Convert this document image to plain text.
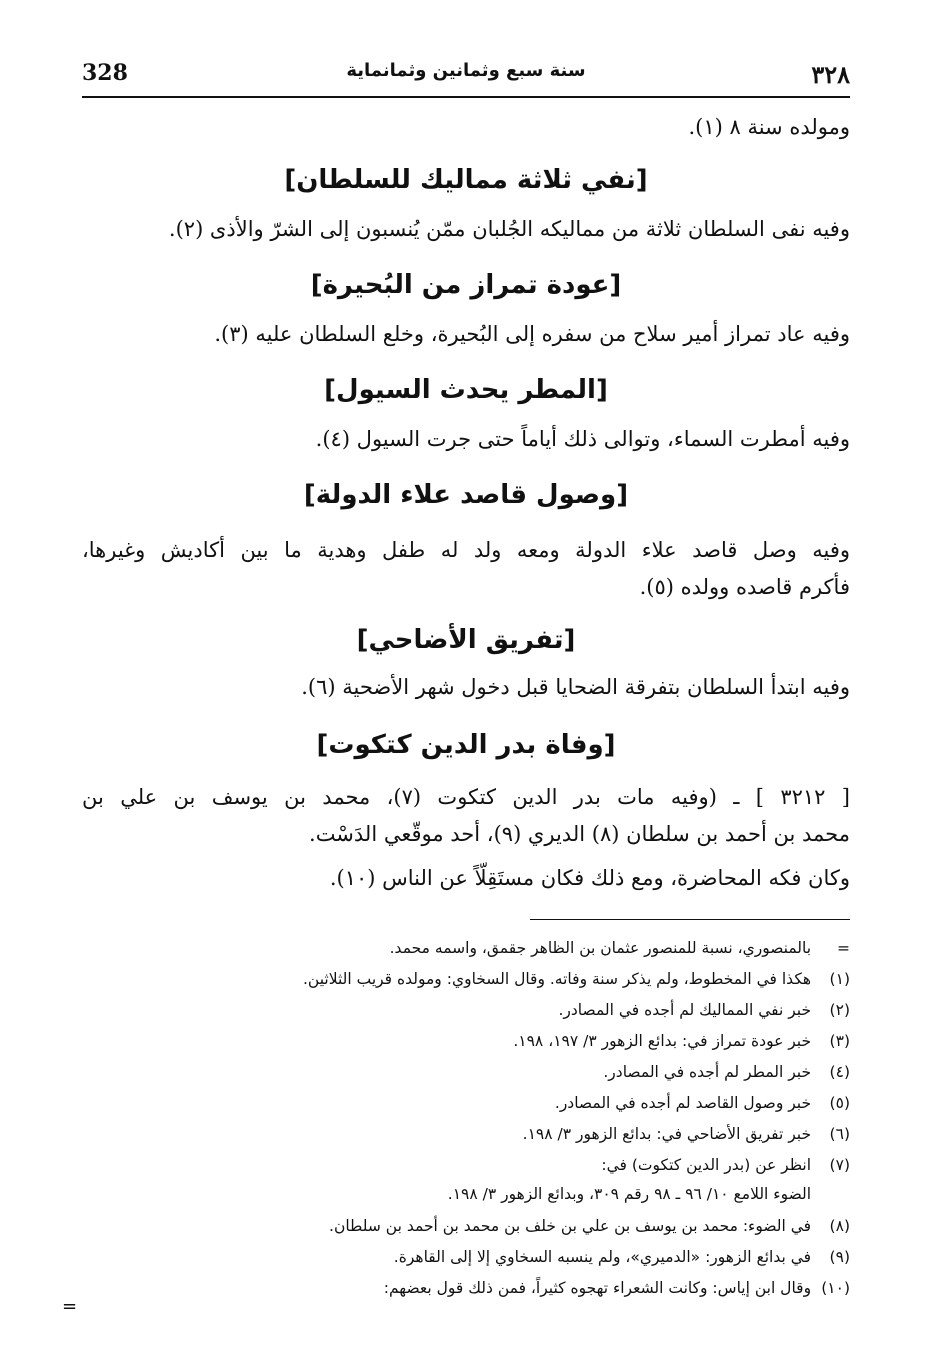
328	سنة سبع وثمانين وثمانماية	٣٢٨
ومولده سنة ٨ (١).
[نفي ثلاثة مماليك للسلطان]
وفيه نفى السلطان ثلاثة من مماليكه الجُلبان ممّن يُنسبون إلى الشرّ والأذى (٢).
[عودة تمراز من البُحيرة]
وفيه عاد تمراز أمير سلاح من سفره إلى البُحيرة، وخلع السلطان عليه (٣).
[المطر يحدث السيول]
وفيه أمطرت السماء، وتوالى ذلك أياماً حتى جرت السيول (٤).
[وصول قاصد علاء الدولة]
وفيه وصل قاصد علاء الدولة ومعه ولد له طفل وهدية ما بين أكاديش وغيرها،
فأكرم قاصده وولده (٥).
[تفريق الأضاحي]
وفيه ابتدأ السلطان بتفرقة الضحايا قبل دخول شهر الأضحية (٦).
[وفاة بدر الدين كتكوت]
[ ٣٢١٢ ] ـ (وفيه مات بدر الدين كتكوت (٧)، محمد بن يوسف بن علي بن
محمد بن أحمد بن سلطان (٨) الديري (٩)، أحد موقّعي الدَسْت.
وكان فكه المحاضرة، ومع ذلك فكان مستَقِلّاً عن الناس (١٠).
= بالمنصوري، نسبة للمنصور عثمان بن الظاهر جقمق، واسمه محمد.
(١) هكذا في المخطوط، ولم يذكر سنة وفاته. وقال السخاوي: ومولده قريب الثلاثين.
(٢) خبر نفي المماليك لم أجده في المصادر.
(٣) خبر عودة تمراز في: بدائع الزهور ٣/ ١٩٧، ١٩٨.
(٤) خبر المطر لم أجده في المصادر.
(٥) خبر وصول القاصد لم أجده في المصادر.
(٦) خبر تفريق الأضاحي في: بدائع الزهور ٣/ ١٩٨.
(٧) انظر عن (بدر الدين كتكوت) في:
الضوء اللامع ١٠/ ٩٦ ـ ٩٨ رقم ٣٠٩، وبدائع الزهور ٣/ ١٩٨.
(٨) في الضوء: محمد بن يوسف بن علي بن خلف بن محمد بن أحمد بن سلطان.
(٩) في بدائع الزهور: «الدميري»، ولم ينسبه السخاوي إلا إلى القاهرة.
(١٠) وقال ابن إياس: وكانت الشعراء تهجوه كثيراً، فمن ذلك قول بعضهم:
=
